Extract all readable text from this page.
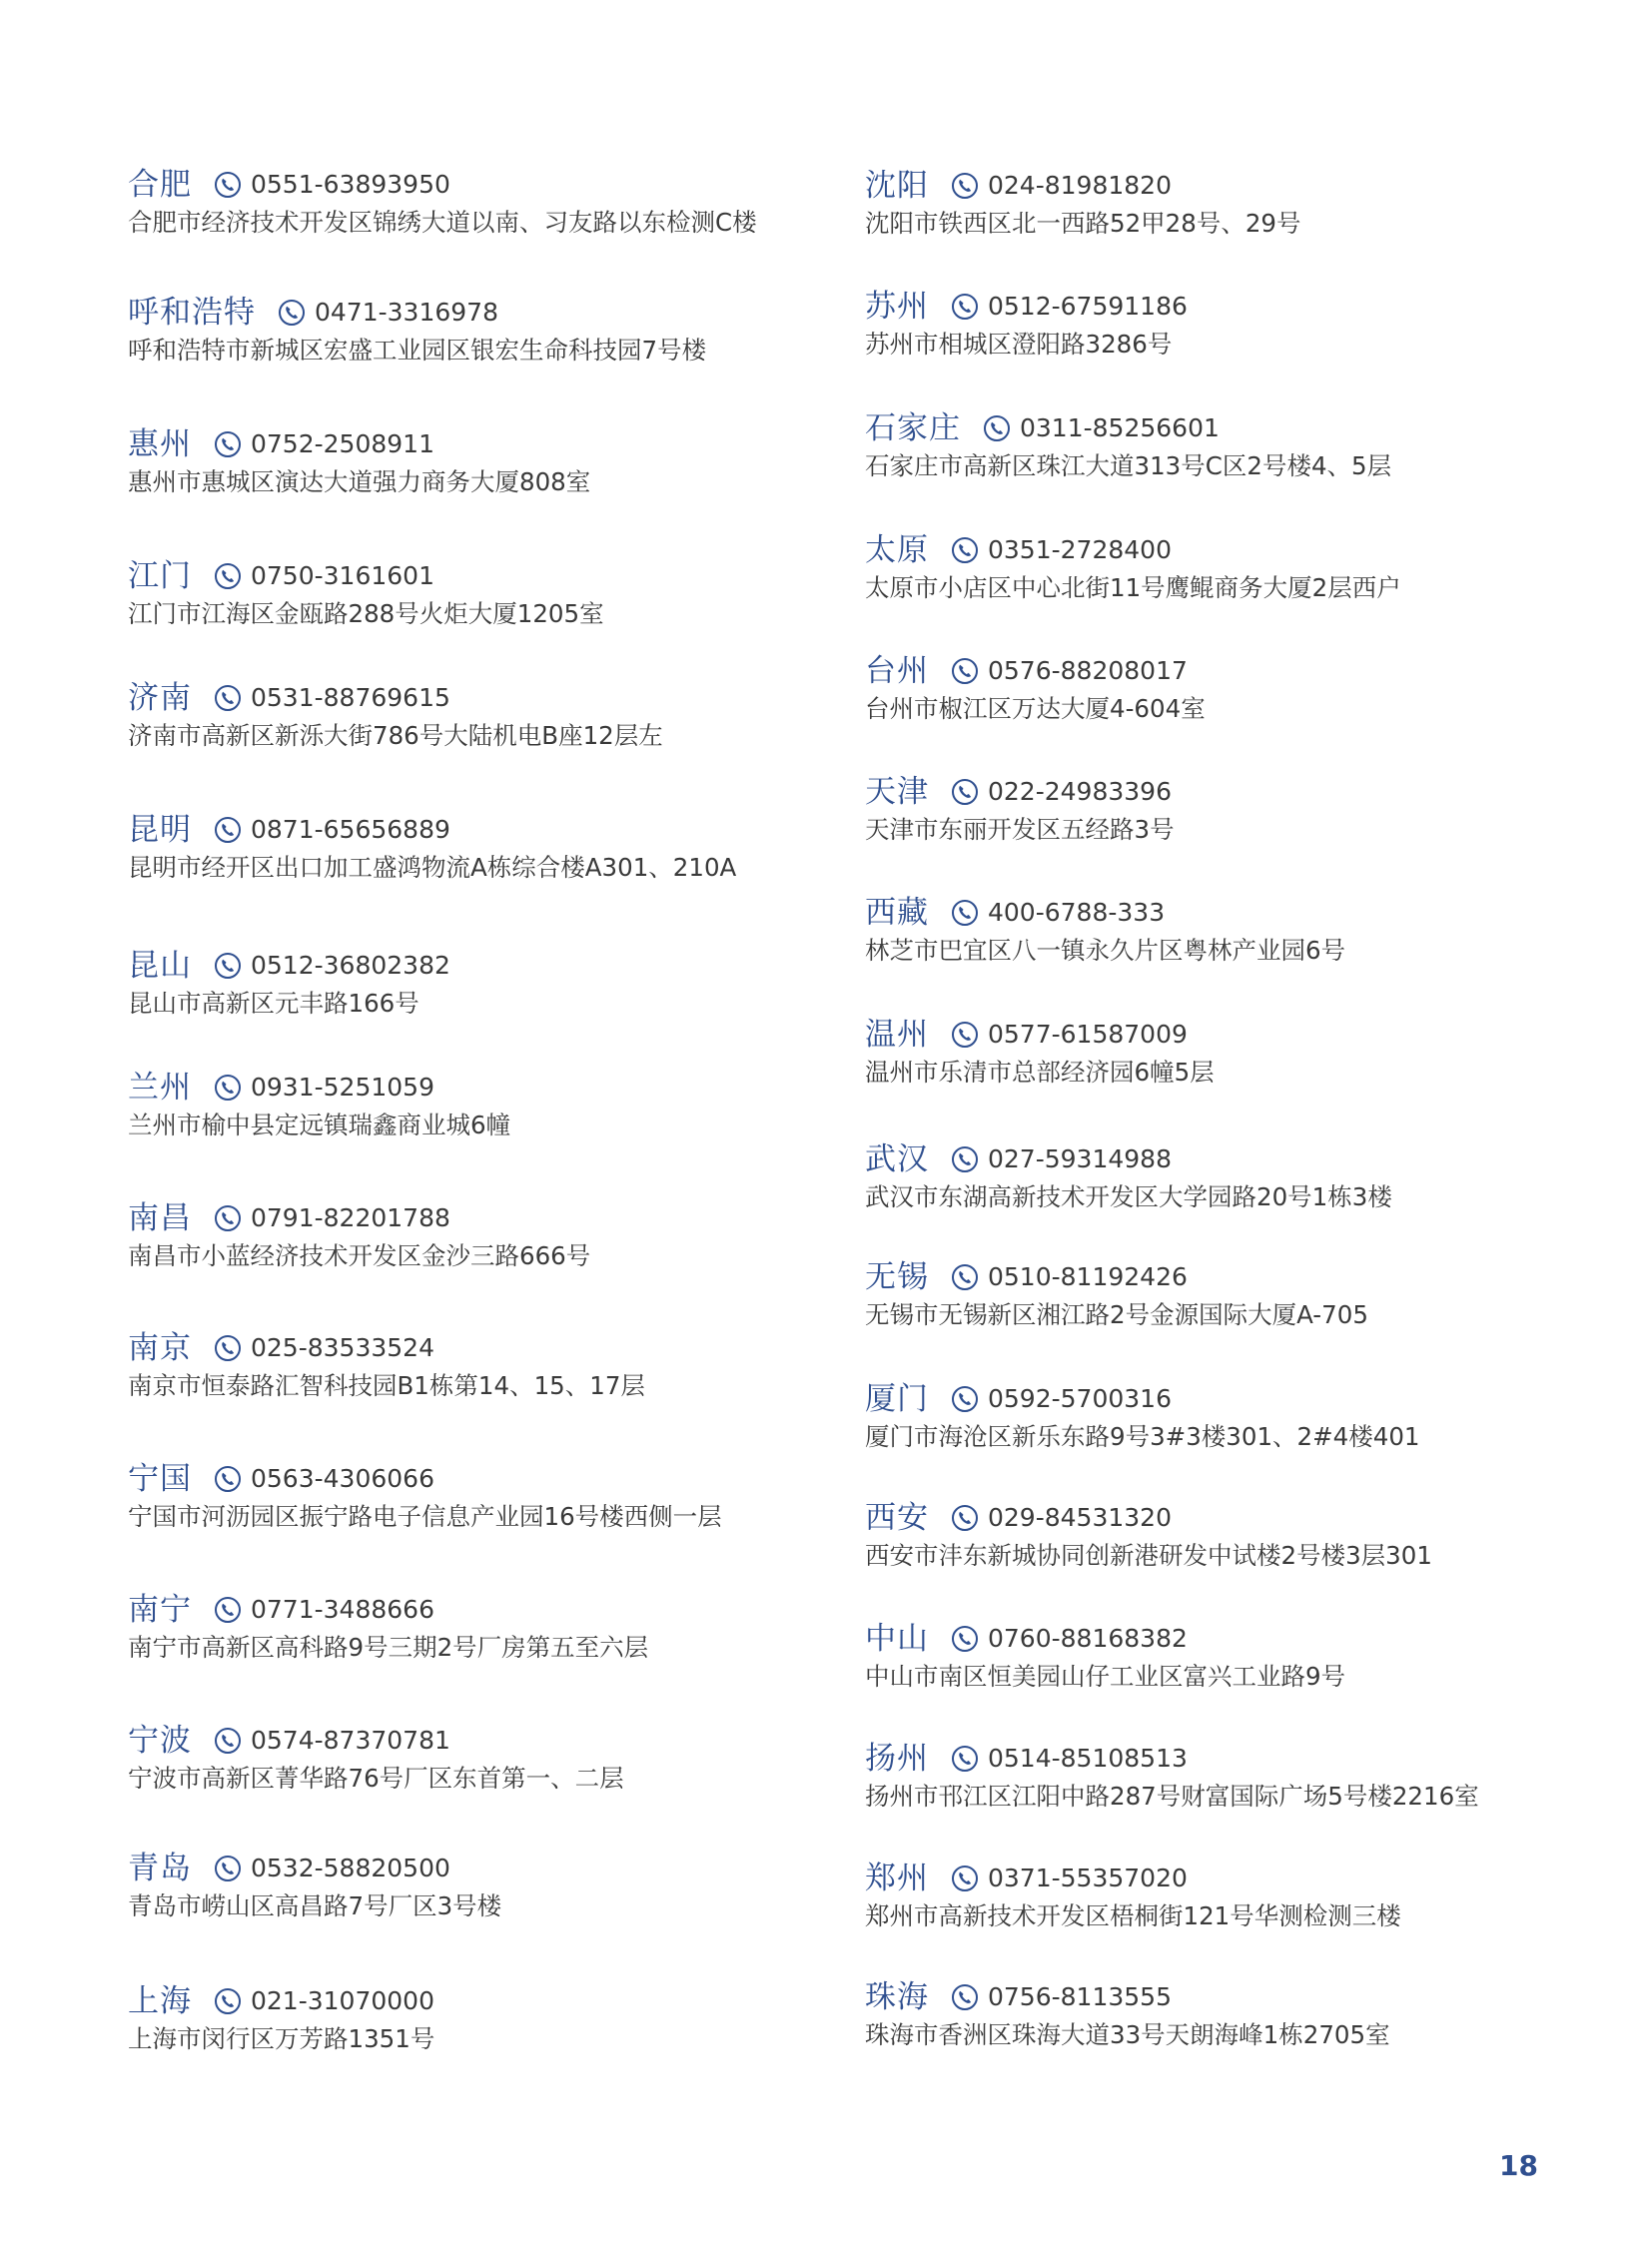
合肥 0551-63893950
合肥市经济技术开发区锦绣大道以南、习友路以东检测C楼
呼和浩特 0471-3316978
呼和浩特市新城区宏盛工业园区银宏生命科技园7号楼
惠州 0752-2508911
惠州市惠城区演达大道强力商务大厦808室
江门 0750-3161601
江门市江海区金瓯路288号火炬大厦1205室
济南 0531-88769615
济南市高新区新泺大街786号大陆机电B座12层左
昆明 0871-65656889
昆明市经开区出口加工盛鸿物流A栋综合楼A301、210A
昆山 0512-36802382
昆山市高新区元丰路166号
兰州 0931-5251059
兰州市榆中县定远镇瑞鑫商业城6幢
南昌 0791-82201788
南昌市小蓝经济技术开发区金沙三路666号
南京 025-83533524
南京市恒泰路汇智科技园B1栋第14、15、17层
宁国 0563-4306066
宁国市河沥园区振宁路电子信息产业园16号楼西侧一层
南宁 0771-3488666
南宁市高新区高科路9号三期2号厂房第五至六层
宁波 0574-87370781
宁波市高新区菁华路76号厂区东首第一、二层
青岛 0532-58820500
青岛市崂山区高昌路7号厂区3号楼
上海 021-31070000
上海市闵行区万芳路1351号
沈阳 024-81981820
沈阳市铁西区北一西路52甲28号、29号
苏州 0512-67591186
苏州市相城区澄阳路3286号
石家庄 0311-85256601
石家庄市高新区珠江大道313号C区2号楼4、5层
太原 0351-2728400
太原市小店区中心北街11号鹰鲲商务大厦2层西户
台州 0576-88208017
台州市椒江区万达大厦4-604室
天津 022-24983396
天津市东丽开发区五经路3号
西藏 400-6788-333
林芝市巴宜区八一镇永久片区粤林产业园6号
温州 0577-61587009
温州市乐清市总部经济园6幢5层
武汉 027-59314988
武汉市东湖高新技术开发区大学园路20号1栋3楼
无锡 0510-81192426
无锡市无锡新区湘江路2号金源国际大厦A-705
厦门 0592-5700316
厦门市海沧区新乐东路9号3#3楼301、2#4楼401
西安 029-84531320
西安市沣东新城协同创新港研发中试楼2号楼3层301
中山 0760-88168382
中山市南区恒美园山仔工业区富兴工业路9号
扬州 0514-85108513
扬州市邗江区江阳中路287号财富国际广场5号楼2216室
郑州 0371-55357020
郑州市高新技术开发区梧桐街121号华测检测三楼
珠海 0756-8113555
珠海市香洲区珠海大道33号天朗海峰1栋2705室
18
